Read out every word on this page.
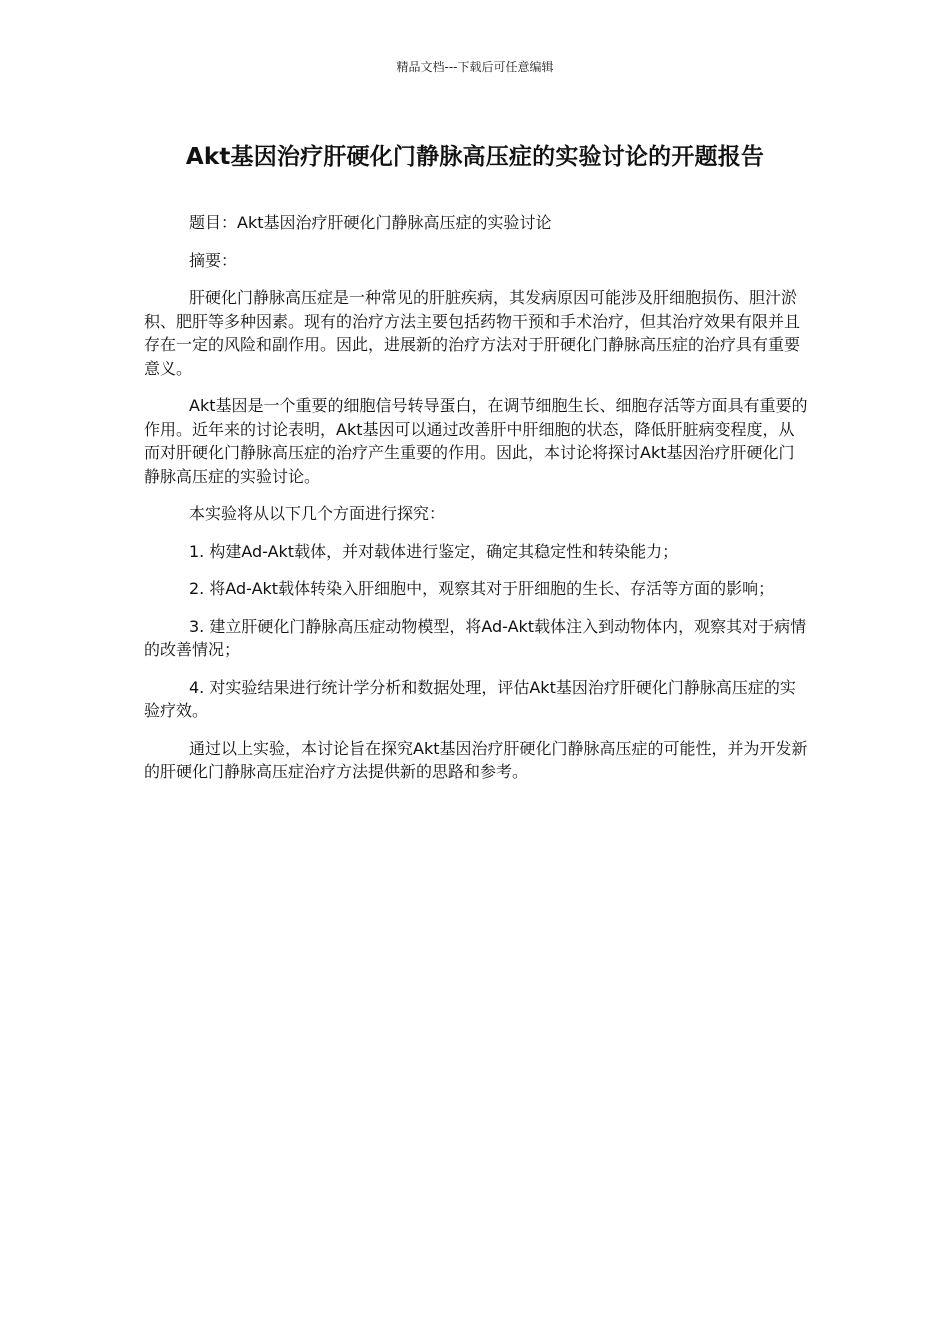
精品文档---下载后可任意编辑
Akt基因治疗肝硬化门静脉高压症的实验讨论的开题报告

题目：Akt基因治疗肝硬化门静脉高压症的实验讨论

摘要：

肝硬化门静脉高压症是一种常见的肝脏疾病，其发病原因可能涉及肝细胞损伤、胆汁淤积、肥肝等多种因素。现有的治疗方法主要包括药物干预和手术治疗，但其治疗效果有限并且存在一定的风险和副作用。因此，进展新的治疗方法对于肝硬化门静脉高压症的治疗具有重要意义。

Akt基因是一个重要的细胞信号转导蛋白，在调节细胞生长、细胞存活等方面具有重要的作用。近年来的讨论表明，Akt基因可以通过改善肝中肝细胞的状态，降低肝脏病变程度，从而对肝硬化门静脉高压症的治疗产生重要的作用。因此，本讨论将探讨Akt基因治疗肝硬化门静脉高压症的实验讨论。

本实验将从以下几个方面进行探究：

1. 构建Ad-Akt载体，并对载体进行鉴定，确定其稳定性和转染能力；

2. 将Ad-Akt载体转染入肝细胞中，观察其对于肝细胞的生长、存活等方面的影响；

3. 建立肝硬化门静脉高压症动物模型，将Ad-Akt载体注入到动物体内，观察其对于病情的改善情况；

4. 对实验结果进行统计学分析和数据处理，评估Akt基因治疗肝硬化门静脉高压症的实验疗效。

通过以上实验，本讨论旨在探究Akt基因治疗肝硬化门静脉高压症的可能性，并为开发新的肝硬化门静脉高压症治疗方法提供新的思路和参考。
